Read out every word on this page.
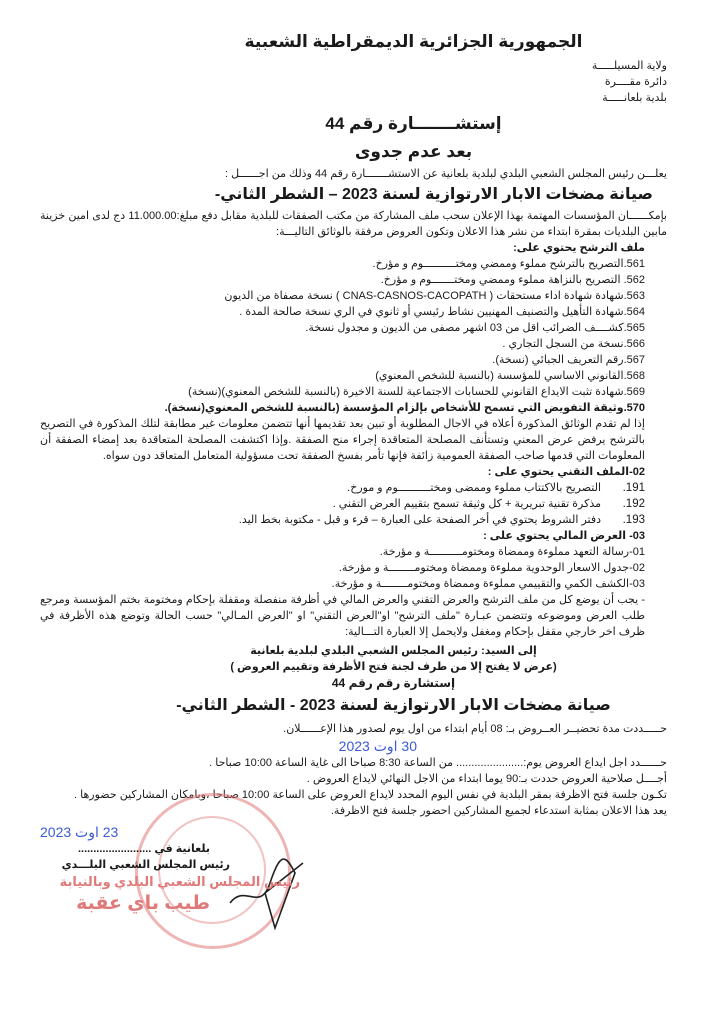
الجمهورية الجزائرية الديمقراطية الشعبية
ولاية المسيلـــــة
دائرة مقــــرة
بلدية بلعانـــــة
إستشـــــــارة رقم 44
بعد عدم جدوى
يعلـــن رئيس المجلس الشعبي البلدي لبلدية بلعانية عن الاستشـــــــارة رقم 44 وذلك من اجــــــل :
صيانة مضخات الابار الارتوازية لسنة 2023 – الشطر الثاني-
بإمكــــــان المؤسسات المهتمة بهذا الإعلان سحب ملف المشاركة من مكتب الصفقات للبلدية مقابل دفع مبلغ:11.000.00 دج لدى امين خزينة مابين البلديات بمقرة ابتداء من نشر هذا الاعلان وتكون العروض مرفقة بالوثائق التاليـــة:
ملف الترشح يحتوي على:
561.التصريح بالترشح مملوء وممضي ومختــــــــــوم و مؤرخ.
562. التصريح بالنزاهة مملوء وممضي ومختـــــــوم و مؤرخ.
563.شهادة شهادة اداء مستحقات ( CNAS-CASNOS-CACOPATH ) نسخة مصفاة من الديون
564.شهادة التأهيل والتصنيف المهنيين نشاط رئيسي أو ثانوي في الري نسخة صالحة المدة .
565.كشــــف الضرائب اقل من 03 اشهر مصفى من الديون و مجدول نسخة.
566.نسخة من السجل التجاري .
567.رقم التعريف الجبائي (نسخة).
568.القانوني الاساسي للمؤسسة (بالنسبة للشخص المعنوي)
569.شهادة تثبت الايداع القانوني للحسابات الاجتماعية للسنة الاخيرة (بالنسبة للشخص المعنوي)(نسخة)
570.وثيقة التفويض التي تسمح للأشخاص بإلزام المؤسسة (بالنسبة للشخص المعنوي(نسخة).
إذا لم تقدم الوثائق المذكورة أعلاه في الاجال المطلوبة أو تبين بعد تقديمها أنها تتضمن معلومات غير مطابقة لتلك المذكورة في التصريح بالترشح يرفض عرض المعني وتستأنف المصلحة المتعاقدة إجراء منح الصفقة .وإذا اكتشفت المصلحة المتعاقدة بعد إمضاء الصفقة أن المعلومات التي قدمها صاحب الصفقة العمومية زائفة فإنها تأمر بفسخ الصفقة تحت مسؤولية المتعامل المتعاقد دون سواه.
02-الملف التقني يحتوي على :
.191
التصريح بالاكتتاب مملوء وممضى ومختــــــــــوم و مورخ.
.192
مذكرة تقنية تبريرية + كل وثيقة تسمح بتقييم العرض التقني .
.193
دفتر الشروط يحتوي في أخر الصفحة على العبارة – قرء و قبل - مكتوبة بخط اليد.
03- العرض المالي يحتوي على :
01-رسالة التعهد مملوءة وممضاة ومختومــــــــــة و مؤرخة.
02-جدول الاسعار الوحدوية مملوءة وممضاة ومختومــــــــة و مؤرخة.
03-الكشف الكمي والتقييمي مملوءة وممضاة ومختومــــــــة و مؤرخة.
- يجب أن يوضع كل من ملف الترشح والعرض التقني والعرض المالي في أظرفة منفصلة ومقفلة بإحكام ومختومة بختم المؤسسة ومرجع طلب العرض وموضوعه وتتضمن عبـارة "ملف الترشح" او"العرض التقني" او "العرض المـالي" حسب الحالة وتوضع هذه الأظرفة في ظرف اخر خارجي مقفل بإحكام ومغفل ولايحمل إلا العبارة التـــالية:
إلى السيد: رئيس المجلس الشعبي البلدي لبلدية بلعانية
(عرض لا يفتح إلا من طرف لجنة فتح الأظرفة وتقييم العروض )
إستشارة رقم رقم 44
صيانة مضخات الابار الارتوازية لسنة 2023 - الشطر الثاني-
حـــــددت مدة تحضيــر العــروض بـ: 08 أيام ابتداء من اول يوم لصدور هذا الإعــــــلان.
30 اوت 2023
حــــــدد اجل ايداع العروض يوم:...................... من الساعة 8:30 صباحا الى غاية الساعة 10:00 صباحا .
أجــــل صلاحية العروض حددت بـ:90 يوما ابتداء من الاجل النهائي لايداع العروض .
تكـون جلسة فتح الاظرفة بمقر البلدية في نفس اليوم المحدد لايداع العروض على الساعة 10:00 صباحا ،وبامكان المشاركين حضورها .
يعد هذا الاعلان بمثابة استدعاء لجميع المشاركين احضور جلسة فتح الاظرفة.
23 اوت 2023
بلعانية في ........................
رئيس المجلس الشعبي البلـــدي
رئيس المجلس الشعبي البلدي وبالنيابة
طيب باي عقبة
